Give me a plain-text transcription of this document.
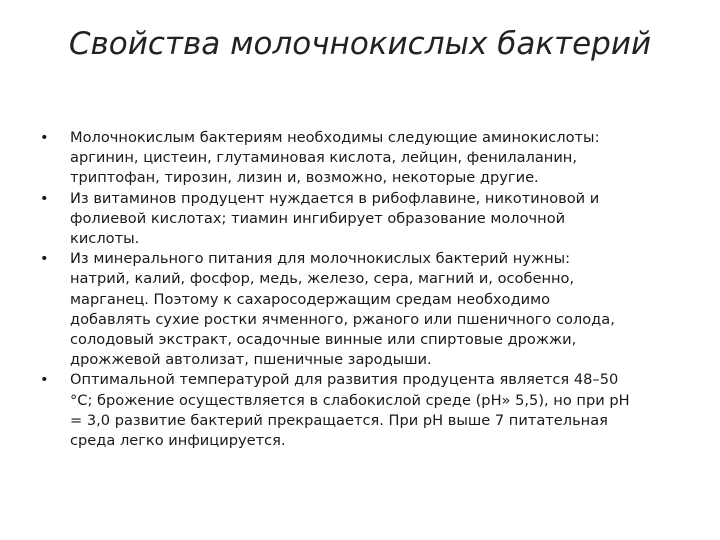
Свойства молочнокислых бактерий
•	Молочнокислым бактериям необходимы следующие аминокислоты:
аргинин, цистеин, глутаминовая кислота, лейцин, фенилаланин,
триптофан, тирозин, лизин и, возможно, некоторые другие.
•	Из витаминов продуцент нуждается в рибофлавине, никотиновой и
фолиевой кислотах; тиамин ингибирует образование молочной
кислоты.
•	Из минерального питания для молочнокислых бактерий нужны:
натрий, калий, фосфор, медь, железо, сера, магний и, особенно,
марганец. Поэтому к сахаросодержащим средам необходимо
добавлять сухие ростки ячменного, ржаного или пшеничного солода,
солодовый экстракт, осадочные винные или спиртовые дрожжи,
дрожжевой автолизат, пшеничные зародыши.
•	Оптимальной температурой для развития продуцента является 48–50
°С; брожение осуществляется в слабокислой среде (рН» 5,5), но при рН
= 3,0 развитие бактерий прекращается. При рН выше 7 питательная
среда легко инфицируется.
